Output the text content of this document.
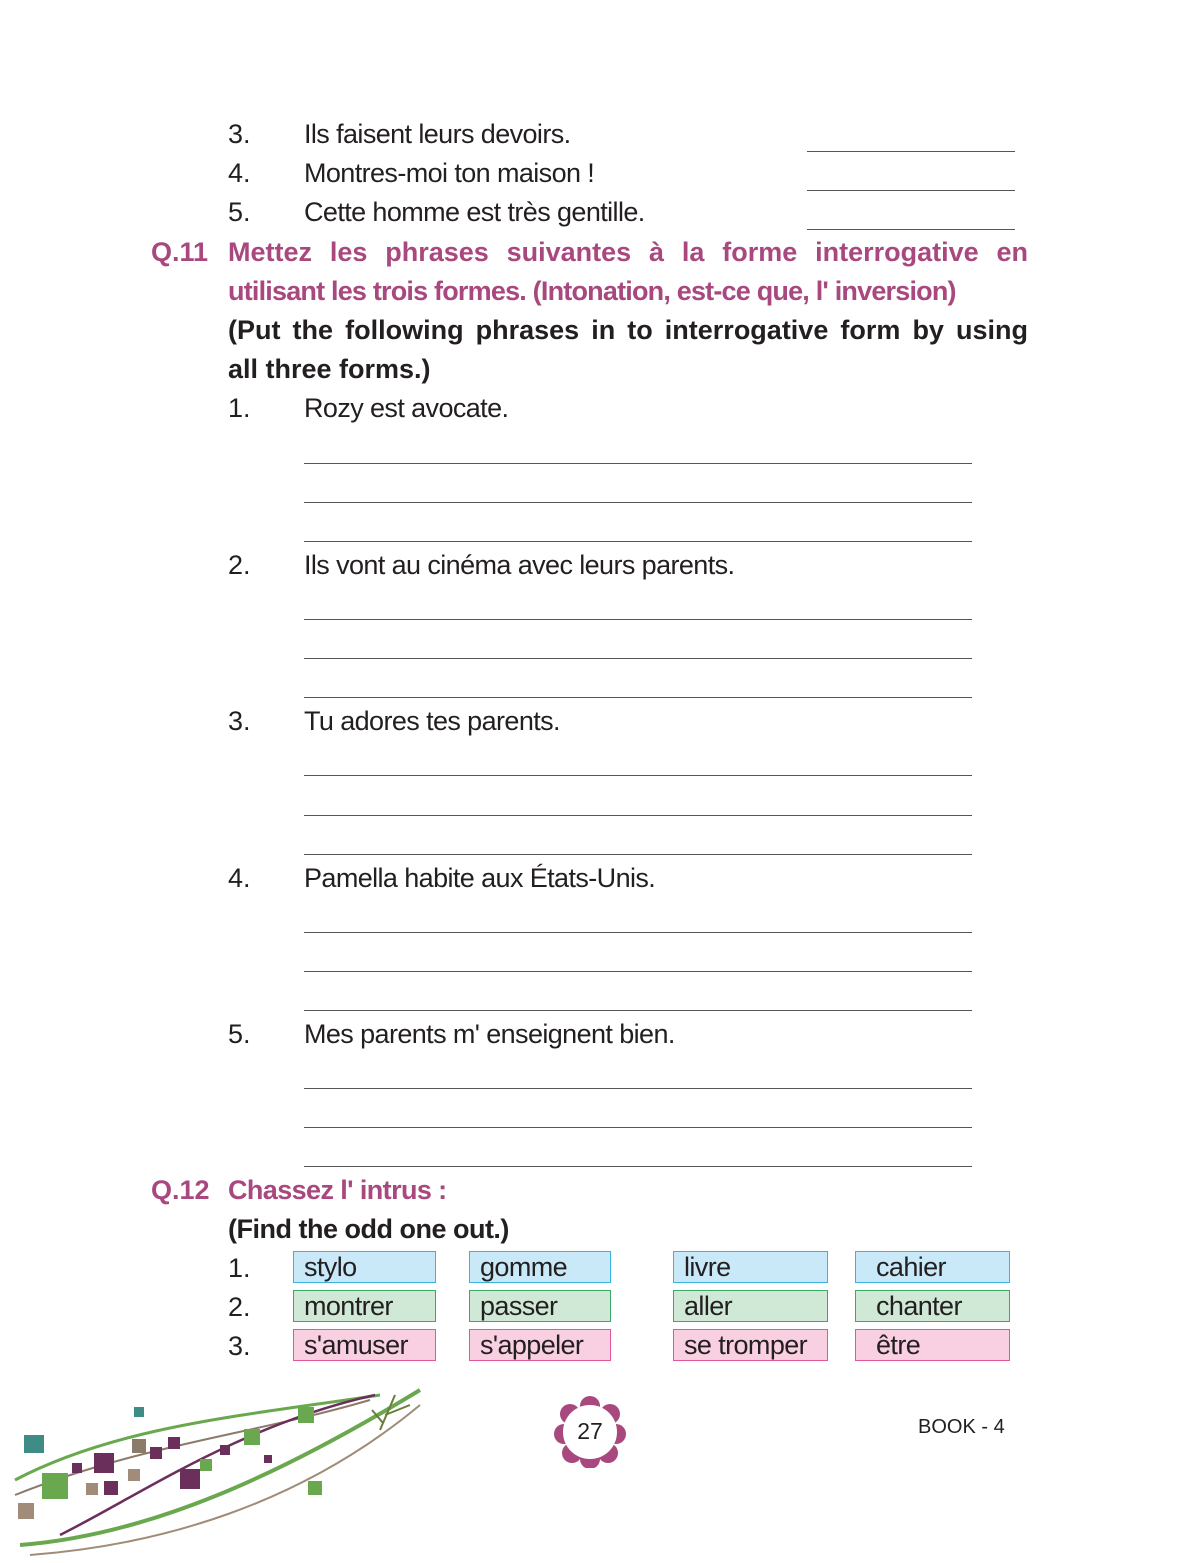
3. Ils faisent leurs devoirs.
4. Montres-moi ton maison !
5. Cette homme est très gentille.
Q.11 Mettez les phrases suivantes à la forme interrogative en
utilisant les trois formes. (Intonation, est-ce que, l' inversion)
(Put the following phrases in to interrogative form by using
all three forms.)
1. Rozy est avocate.
2. Ils vont au cinéma avec leurs parents.
3. Tu adores tes parents.
4. Pamella habite aux États-Unis.
5. Mes parents m' enseignent bien.
Q.12 Chassez l' intrus :
(Find the odd one out.)
1.	stylo	gomme	livre	cahier
2.	montrer	passer	aller	chanter
3.	s'amuser	s'appeler	se tromper	être
27	BOOK - 4
